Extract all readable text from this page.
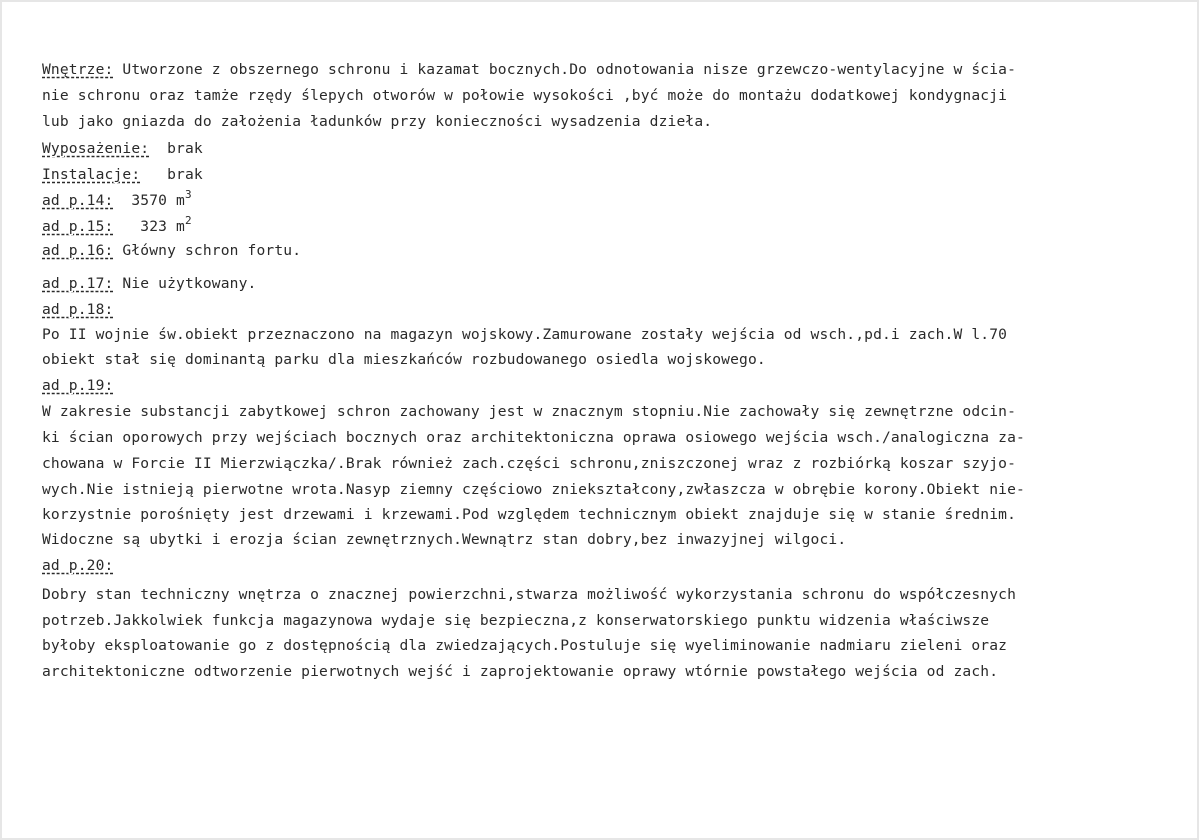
Wnętrze: Utworzone z obszernego schronu i kazamat bocznych.Do odnotowania nisze grzewczo-wentylacyjne w ścia-

nie schronu oraz tamże rzędy ślepych otworów w połowie wysokości ,być może do montażu dodatkowej kondygnacji

lub jako gniazda do założenia ładunków przy konieczności wysadzenia dzieła.

Wyposażenie:  brak

Instalacje:   brak

ad p.14:  3570 $m^3$

ad p.15:   323 $m^2$

ad p.16: Główny schron fortu.

ad p.17: Nie użytkowany.

ad p.18:

Po II wojnie św.obiekt przeznaczono na magazyn wojskowy.Zamurowane zostały wejścia od wsch.,pd.i zach.W l.70

obiekt stał się dominantą parku dla mieszkańców rozbudowanego osiedla wojskowego.

ad p.19:

W zakresie substancji zabytkowej schron zachowany jest w znacznym stopniu.Nie zachowały się zewnętrzne odcin-

ki ścian oporowych przy wejściach bocznych oraz architektoniczna oprawa osiowego wejścia wsch./analogiczna za-

chowana w Forcie II Mierzwiączka/.Brak również zach.części schronu,zniszczonej wraz z rozbiórką koszar szyjo-

wych.Nie istnieją pierwotne wrota.Nasyp ziemny częściowo zniekształcony,zwłaszcza w obrębie korony.Obiekt nie-

korzystnie porośnięty jest drzewami i krzewami.Pod względem technicznym obiekt znajduje się w stanie średnim.

Widoczne są ubytki i erozja ścian zewnętrznych.Wewnątrz stan dobry,bez inwazyjnej wilgoci.

ad p.20:

Dobry stan techniczny wnętrza o znacznej powierzchni,stwarza możliwość wykorzystania schronu do współczesnych

potrzeb.Jakkolwiek funkcja magazynowa wydaje się bezpieczna,z konserwatorskiego punktu widzenia właściwsze

byłoby eksploatowanie go z dostępnością dla zwiedzających.Postuluje się wyeliminowanie nadmiaru zieleni oraz

architektoniczne odtworzenie pierwotnych wejść i zaprojektowanie oprawy wtórnie powstałego wejścia od zach.
